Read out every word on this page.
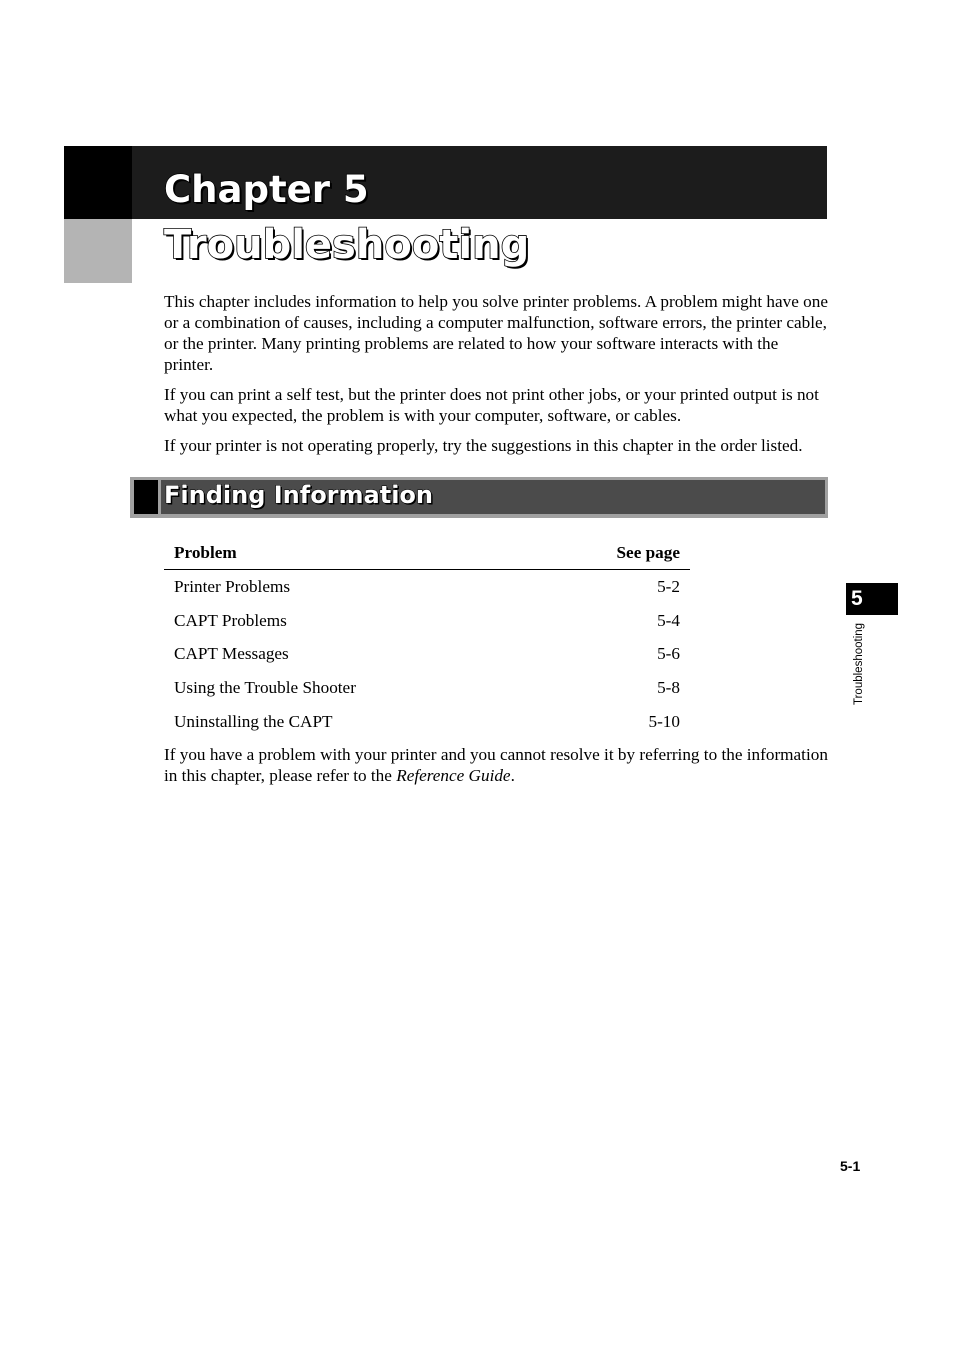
Chapter 5
Troubleshooting

This chapter includes information to help you solve printer problems. A problem might have one or a combination of causes, including a computer malfunction, software errors, the printer cable, or the printer. Many printing problems are related to how your software interacts with the printer.

If you can print a self test, but the printer does not print other jobs, or your printed output is not what you expected, the problem is with your computer, software, or cables.

If your printer is not operating properly, try the suggestions in this chapter in the order listed.

Finding Information
Problem	See page
Printer Problems	5-2
CAPT Problems	5-4
CAPT Messages	5-6
Using the Trouble Shooter	5-8
Uninstalling the CAPT	5-10

If you have a problem with your printer and you cannot resolve it by referring to the information in this chapter, please refer to the Reference Guide.

5
Troubleshooting
5-1
